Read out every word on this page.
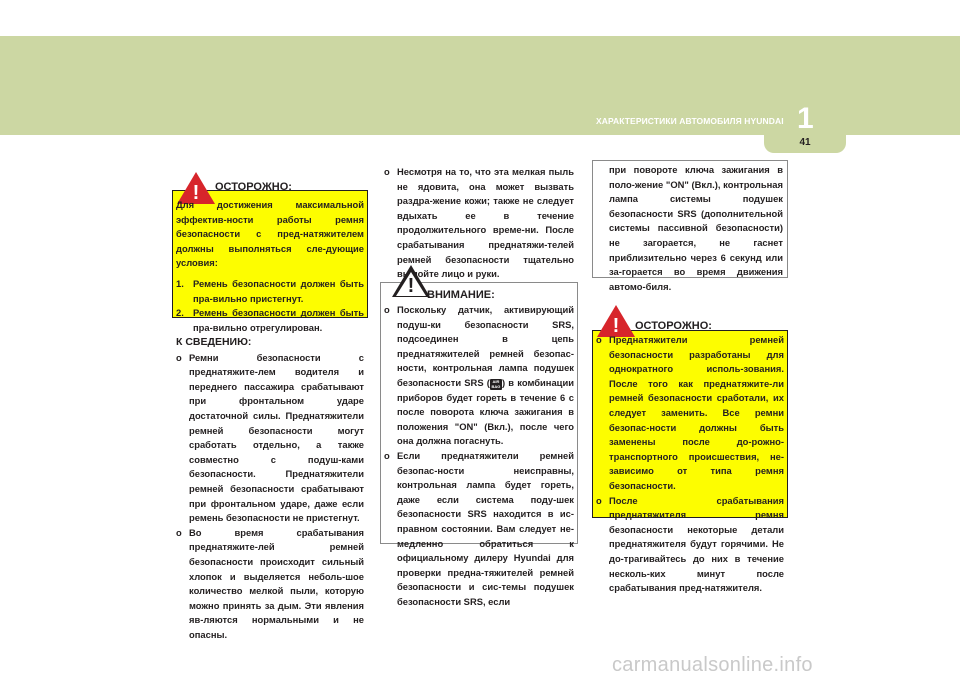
ХАРАКТЕРИСТИКИ АВТОМОБИЛЯ HYUNDAI 1
41
!	ОСТОРОЖНО:
Для достижения максимальной эффектив-ности работы ремня безопасности с пред-натяжителем должны выполняться сле-дующие условия:
1. Ремень безопасности должен быть пра-вильно пристегнут.
2. Ремень безопасности должен быть пра-вильно отрегулирован.
К СВЕДЕНИЮ:
o Ремни безопасности с преднатяжите-лем водителя и переднего пассажира срабатывают при фронтальном ударе достаточной силы. Преднатяжители ремней безопасности могут сработать отдельно, а также совместно с подуш-ками безопасности. Преднатяжители ремней безопасности срабатывают при фронтальном ударе, даже если ремень безопасности не пристегнут.
o Во время срабатывания преднатяжите-лей ремней безопасности происходит сильный хлопок и выделяется неболь-шое количество мелкой пыли, которую можно принять за дым. Эти явления яв-ляются нормальными и не опасны.
o Несмотря на то, что эта мелкая пыль не ядовита, она может вызвать раздра-жение кожи; также не следует вдыхать ее в течение продолжительного време-ни. После срабатывания преднатяжи-телей ремней безопасности тщательно вымойте лицо и руки.
!	ВНИМАНИЕ:
o Поскольку датчик, активирующий подуш-ки безопасности SRS, подсоединен в цепь преднатяжителей ремней безопас-ности, контрольная лампа подушек безопасности SRS ( AIR BAG ) в комбинации приборов будет гореть в течение 6 с после поворота ключа зажигания в положения "ON" (Вкл.), после чего она должна погаснуть.
o Если преднатяжители ремней безопас-ности неисправны, контрольная лампа будет гореть, даже если система поду-шек безопасности SRS находится в ис-правном состоянии. Вам следует не-медленно обратиться к официальному дилеру Hyundai для проверки предна-тяжителей ремней безопасности и сис-темы подушек безопасности SRS, если
при повороте ключа зажигания в поло-жение "ON" (Вкл.), контрольная лампа системы подушек безопасности SRS (дополнительной системы пассивной безопасности) не загорается, не гаснет приблизительно через 6 секунд или за-горается во время движения автомо-биля.
!	ОСТОРОЖНО:
o Преднатяжители ремней безопасности разработаны для однократного исполь-зования. После того как преднатяжите-ли ремней безопасности сработали, их следует заменить. Все ремни безопас-ности должны быть заменены после до-рожно-транспортного происшествия, не-зависимо от типа ремня безопасности.
o После срабатывания преднатяжителя ремня безопасности некоторые детали преднатяжителя будут горячими. Не до-трагивайтесь до них в течение несколь-ких минут после срабатывания пред-натяжителя.
carmanualsonline.info
